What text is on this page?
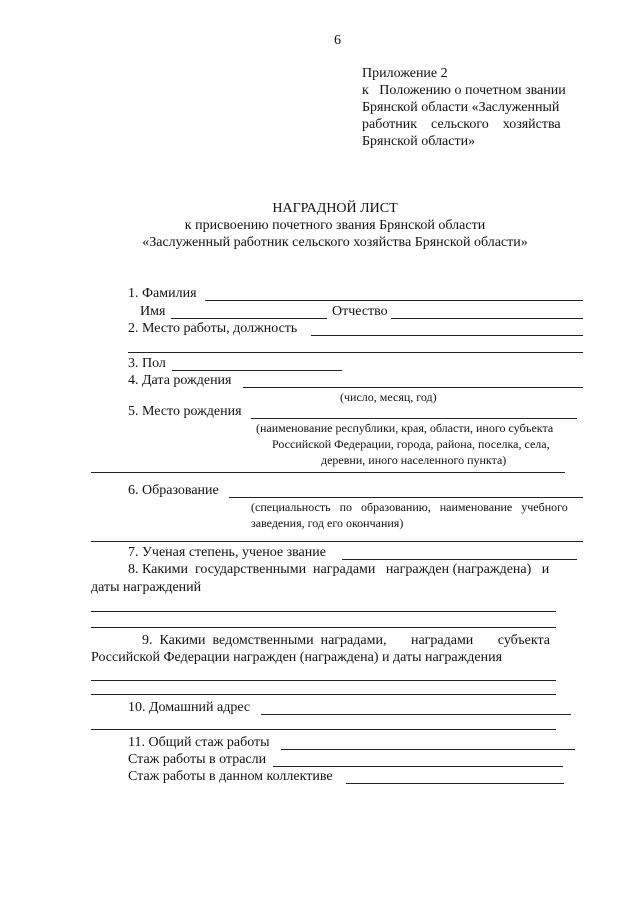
6
Приложение 2
к   Положению о почетном звании
Брянской области «Заслуженный
работник    сельского    хозяйства
Брянской области»
НАГРАДНОЙ ЛИСТ
к присвоению почетного звания Брянской области
«Заслуженный работник сельского хозяйства Брянской области»
1. Фамилия
Имя	Отчество
2. Место работы, должность
3. Пол
4. Дата рождения
(число, месяц, год)
5. Место рождения
(наименование республики, края, области, иного субъекта
Российской Федерации, города, района, поселка, села,
деревни, иного населенного пункта)
6. Образование
(специальность   по   образованию,   наименование   учебного
заведения, год его окончания)
7. Ученая степень, ученое звание
8. Какими  государственными  наградами   награжден (награждена)   и
даты награждений
9.  Какими  ведомственными  наградами,       наградами       субъекта
Российской Федерации награжден (награждена) и даты награждения
10. Домашний адрес
11. Общий стаж работы
Стаж работы в отрасли
Стаж работы в данном коллективе
